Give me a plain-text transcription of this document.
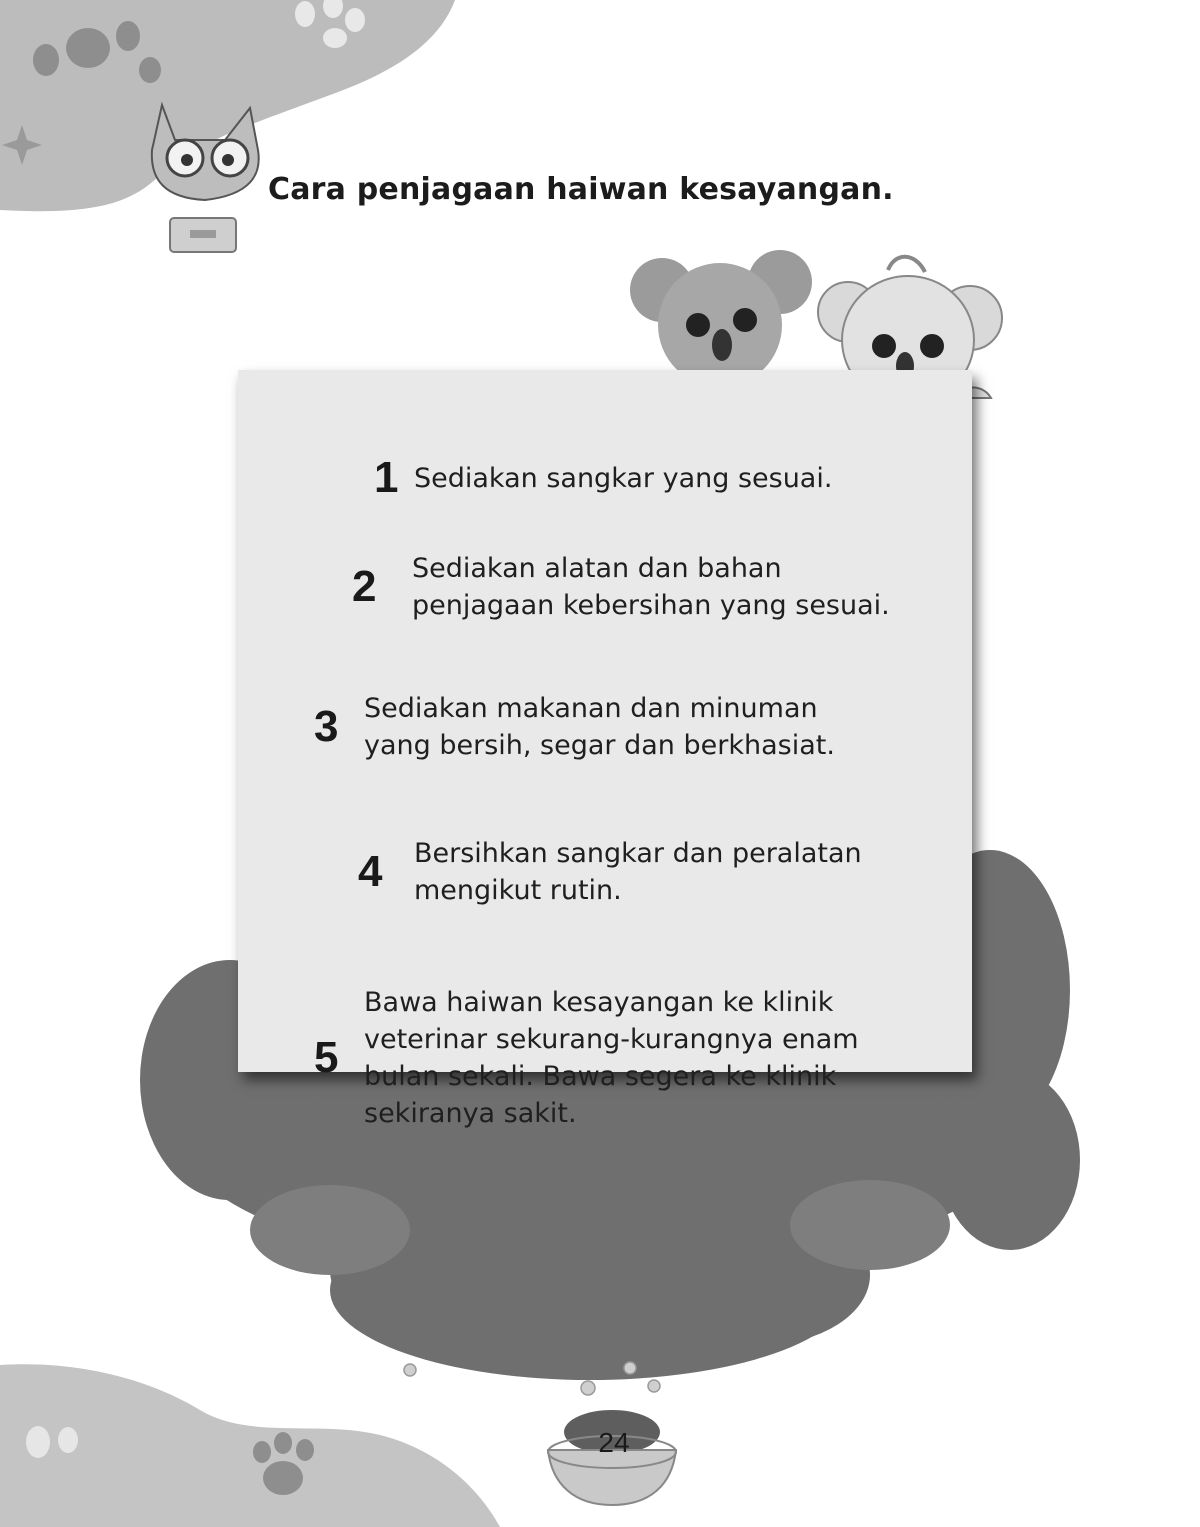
Cara penjagaan haiwan kesayangan.
1 Sediakan sangkar yang sesuai.
2	Sediakan alatan dan bahan
penjagaan kebersihan yang sesuai.
3 Sediakan makanan dan minuman
yang bersih, segar dan berkhasiat.
4	Bersihkan sangkar dan peralatan
mengikut rutin.
5
Bawa haiwan kesayangan ke klinik
veterinar sekurang-kurangnya enam
bulan sekali. Bawa segera ke klinik
sekiranya sakit.
24
